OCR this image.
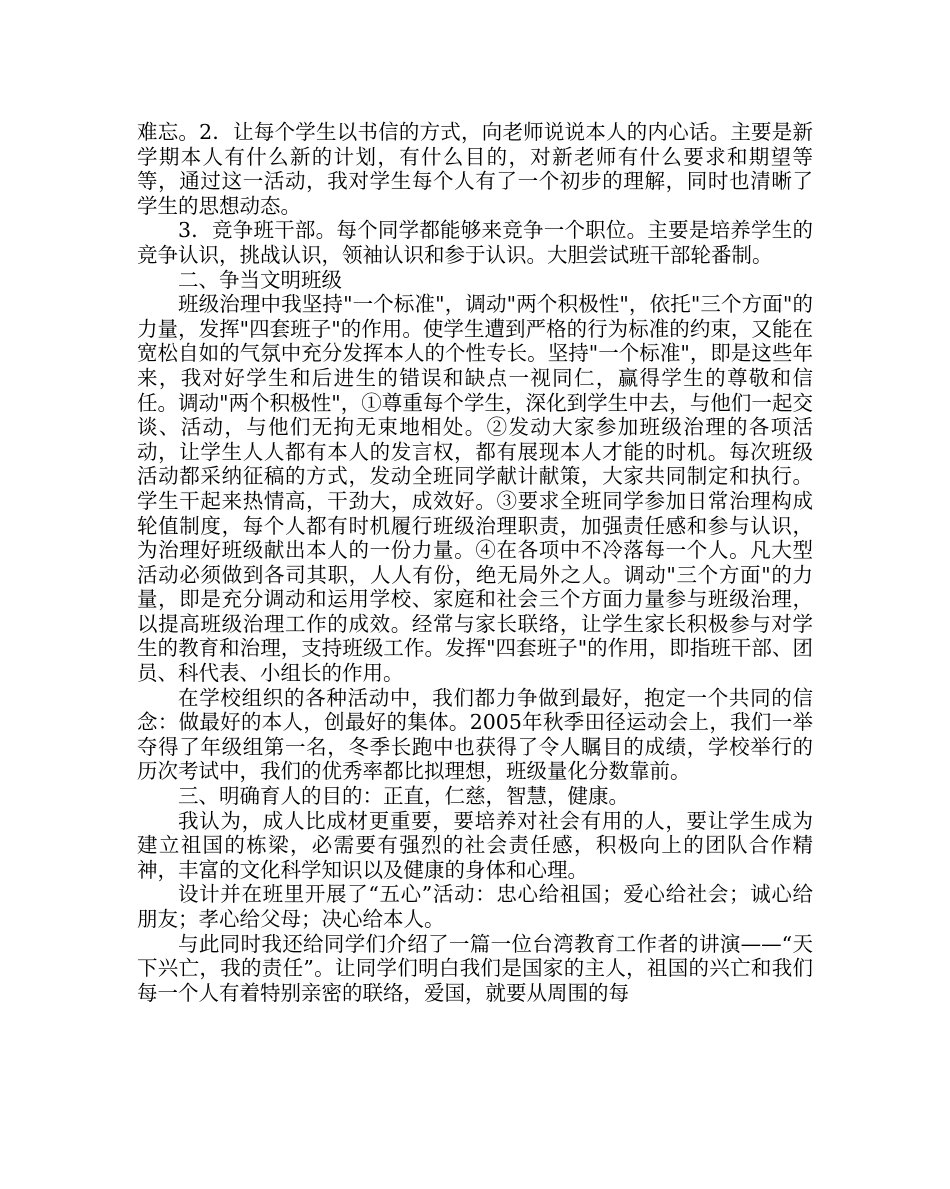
难忘。2．让每个学生以书信的方式，向老师说说本人的内心话。主要是新学期本人有什么新的计划，有什么目的，对新老师有什么要求和期望等等，通过这一活动，我对学生每个人有了一个初步的理解，同时也清晰了学生的思想动态。

3．竞争班干部。每个同学都能够来竞争一个职位。主要是培养学生的竞争认识，挑战认识，领袖认识和参于认识。大胆尝试班干部轮番制。

二、争当文明班级

班级治理中我坚持"一个标准"，调动"两个积极性"，依托"三个方面"的力量，发挥"四套班子"的作用。使学生遭到严格的行为标准的约束，又能在宽松自如的气氛中充分发挥本人的个性专长。坚持"一个标准"，即是这些年来，我对好学生和后进生的错误和缺点一视同仁，赢得学生的尊敬和信任。调动"两个积极性"，①尊重每个学生，深化到学生中去，与他们一起交谈、活动，与他们无拘无束地相处。②发动大家参加班级治理的各项活动，让学生人人都有本人的发言权，都有展现本人才能的时机。每次班级活动都采纳征稿的方式，发动全班同学献计献策，大家共同制定和执行。学生干起来热情高，干劲大，成效好。③要求全班同学参加日常治理构成轮值制度，每个人都有时机履行班级治理职责，加强责任感和参与认识，为治理好班级献出本人的一份力量。④在各项中不冷落每一个人。凡大型活动必须做到各司其职，人人有份，绝无局外之人。调动"三个方面"的力量，即是充分调动和运用学校、家庭和社会三个方面力量参与班级治理，以提高班级治理工作的成效。经常与家长联络，让学生家长积极参与对学生的教育和治理，支持班级工作。发挥"四套班子"的作用，即指班干部、团员、科代表、小组长的作用。

在学校组织的各种活动中，我们都力争做到最好，抱定一个共同的信念：做最好的本人，创最好的集体。2005年秋季田径运动会上，我们一举夺得了年级组第一名，冬季长跑中也获得了令人瞩目的成绩，学校举行的历次考试中，我们的优秀率都比拟理想，班级量化分数靠前。

三、明确育人的目的：正直，仁慈，智慧，健康。

我认为，成人比成材更重要，要培养对社会有用的人，要让学生成为建立祖国的栋梁，必需要有强烈的社会责任感，积极向上的团队合作精神，丰富的文化科学知识以及健康的身体和心理。

设计并在班里开展了“五心”活动：忠心给祖国；爱心给社会；诚心给朋友；孝心给父母；决心给本人。

与此同时我还给同学们介绍了一篇一位台湾教育工作者的讲演——“天下兴亡，我的责任”。让同学们明白我们是国家的主人，祖国的兴亡和我们每一个人有着特别亲密的联络，爱国，就要从周围的每
